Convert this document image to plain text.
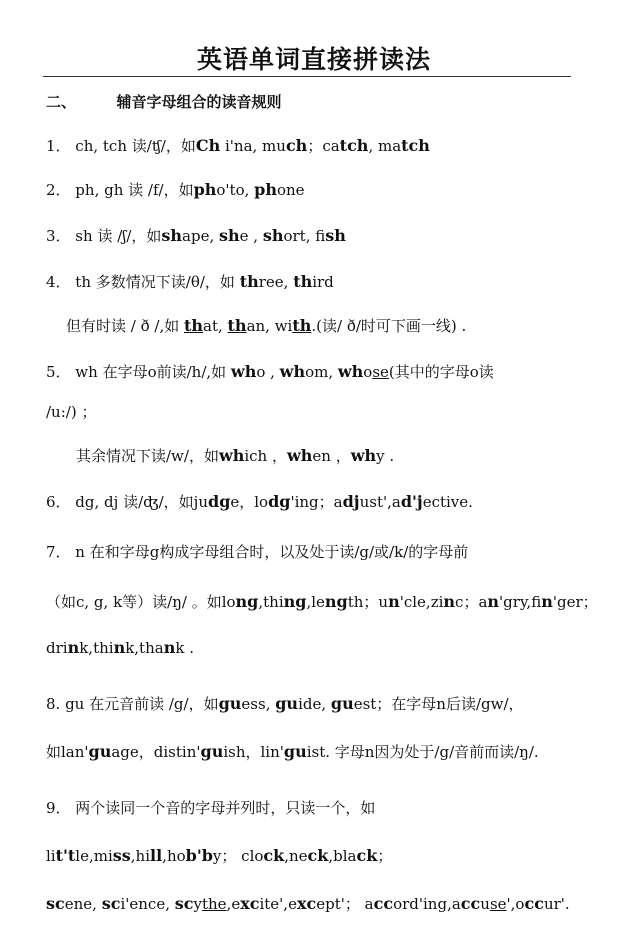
英语单词直接拼读法
二、	辅音字母组合的读音规则
1． ch, tch 读/ʧ/，如Ch i'na, much；catch, match
2． ph, gh 读 /f/，如pho'to, phone
3． sh 读 /ʃ/，如shape, she , short, fish
4． th 多数情况下读/θ/，如 three, third
但有时读 / ð /,如 that, than, with.(读/ ð/时可下画一线) .
5． wh 在字母o前读/h/,如 who , whom, whose(其中的字母o读
/u:/) ；
其余情况下读/w/，如which ，when ，why .
6． dg, dj 读/ʤ/，如judge，lodg'ing；adjust',ad'jective.
7． n 在和字母g构成字母组合时，以及处于读/g/或/k/的字母前
（如c, g, k等）读/ŋ/ 。如long,thing,length；un'cle,zinc；an'gry,fin'ger；
drink,think,thank .
8. gu 在元音前读 /g/，如guess, guide, guest；在字母n后读/gw/，
如lan'guage，distin'guish，lin'guist. 字母n因为处于/g/音前而读/ŋ/.
9． 两个读同一个音的字母并列时，只读一个，如
lit'tle,miss,hill,hob'by； clock,neck,black；
scene, sci'ence, scythe,excite',except'； accord'ing,accuse',occur'.
